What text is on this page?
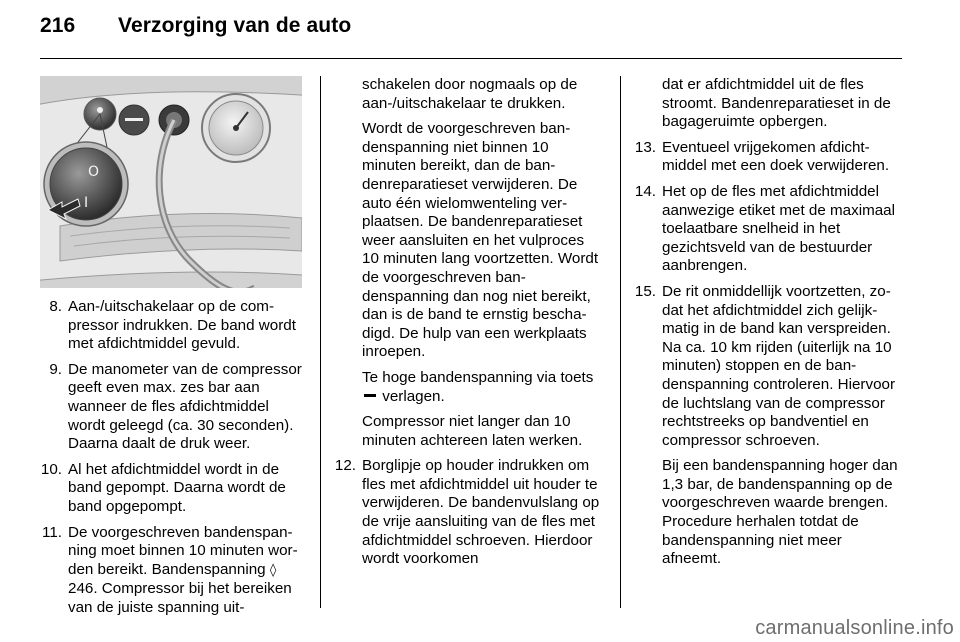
216 Verzorging van de auto
O
I
8. Aan-/uitschakelaar op de compressor indrukken. De band wordt met afdichtmiddel gevuld.
9. De manometer van de compressor geeft even max. zes bar aan wanneer de fles afdichtmiddel wordt geleegd (ca. 30 seconden). Daarna daalt de druk weer.
10. Al het afdichtmiddel wordt in de band gepompt. Daarna wordt de band opgepompt.
11. De voorgeschreven bandenspanning moet binnen 10 minuten worden bereikt. Bandenspanning ◊ 246. Compressor bij het bereiken van de juiste spanning uit-

schakelen door nogmaals op de aan-/uitschakelaar te drukken.

Wordt de voorgeschreven bandenspanning niet binnen 10 minuten bereikt, dan de bandenreparatieset verwijderen. De auto één wielomwenteling verplaatsen. De bandenreparatieset weer aansluiten en het vulproces 10 minuten lang voortzetten. Wordt de voorgeschreven bandenspanning dan nog niet bereikt, dan is de band te ernstig beschadigd. De hulp van een werkplaats inroepen.

Te hoge bandenspanning via toets  verlagen.

Compressor niet langer dan 10 minuten achtereen laten werken.

12. Borglipje op houder indrukken om fles met afdichtmiddel uit houder te verwijderen. De bandenvulslang op de vrije aansluiting van de fles met afdichtmiddel schroeven. Hierdoor wordt voorkomen

dat er afdichtmiddel uit de fles stroomt. Bandenreparatieset in de bagageruimte opbergen.

13. Eventueel vrijgekomen afdichtmiddel met een doek verwijderen.
14. Het op de fles met afdichtmiddel aanwezige etiket met de maximaal toelaatbare snelheid in het gezichtsveld van de bestuurder aanbrengen.
15. De rit onmiddellijk voortzetten, zodat het afdichtmiddel zich gelijkmatig in de band kan verspreiden. Na ca. 10 km rijden (uiterlijk na 10 minuten) stoppen en de bandenspanning controleren. Hiervoor de luchtslang van de compressor rechtstreeks op bandventiel en compressor schroeven.

Bij een bandenspanning hoger dan 1,3 bar, de bandenspanning op de voorgeschreven waarde brengen. Procedure herhalen totdat de bandenspanning niet meer afneemt.

carmanualsonline.info
